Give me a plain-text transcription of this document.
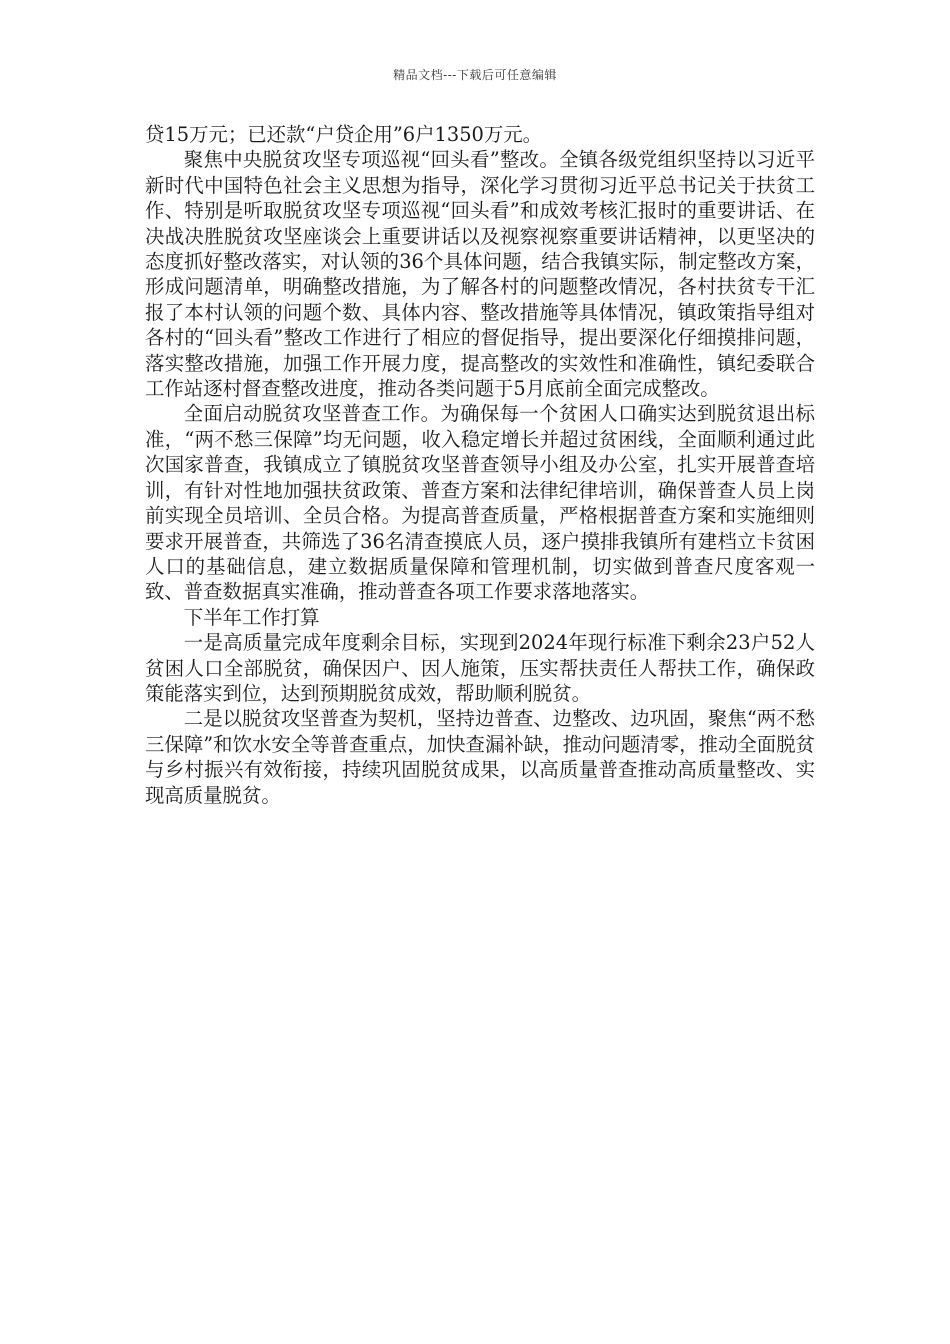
精品文档---下载后可任意编辑

贷15万元；已还款“户贷企用”6户1350万元。

聚焦中央脱贫攻坚专项巡视“回头看”整改。全镇各级党组织坚持以习近平新时代中国特色社会主义思想为指导，深化学习贯彻习近平总书记关于扶贫工作、特别是听取脱贫攻坚专项巡视“回头看”和成效考核汇报时的重要讲话、在决战决胜脱贫攻坚座谈会上重要讲话以及视察视察重要讲话精神，以更坚决的态度抓好整改落实，对认领的36个具体问题，结合我镇实际，制定整改方案，形成问题清单，明确整改措施，为了解各村的问题整改情况，各村扶贫专干汇报了本村认领的问题个数、具体内容、整改措施等具体情况，镇政策指导组对各村的“回头看”整改工作进行了相应的督促指导，提出要深化仔细摸排问题，落实整改措施，加强工作开展力度，提高整改的实效性和准确性，镇纪委联合工作站逐村督查整改进度，推动各类问题于5月底前全面完成整改。

全面启动脱贫攻坚普查工作。为确保每一个贫困人口确实达到脱贫退出标准，“两不愁三保障”均无问题，收入稳定增长并超过贫困线，全面顺利通过此次国家普查，我镇成立了镇脱贫攻坚普查领导小组及办公室，扎实开展普查培训，有针对性地加强扶贫政策、普查方案和法律纪律培训，确保普查人员上岗前实现全员培训、全员合格。为提高普查质量，严格根据普查方案和实施细则要求开展普查，共筛选了36名清查摸底人员，逐户摸排我镇所有建档立卡贫困人口的基础信息，建立数据质量保障和管理机制，切实做到普查尺度客观一致、普查数据真实准确，推动普查各项工作要求落地落实。

下半年工作打算

一是高质量完成年度剩余目标，实现到2024年现行标准下剩余23户52人贫困人口全部脱贫，确保因户、因人施策，压实帮扶责任人帮扶工作，确保政策能落实到位，达到预期脱贫成效，帮助顺利脱贫。

二是以脱贫攻坚普查为契机，坚持边普查、边整改、边巩固，聚焦“两不愁三保障”和饮水安全等普查重点，加快查漏补缺，推动问题清零，推动全面脱贫与乡村振兴有效衔接，持续巩固脱贫成果，以高质量普查推动高质量整改、实现高质量脱贫。
